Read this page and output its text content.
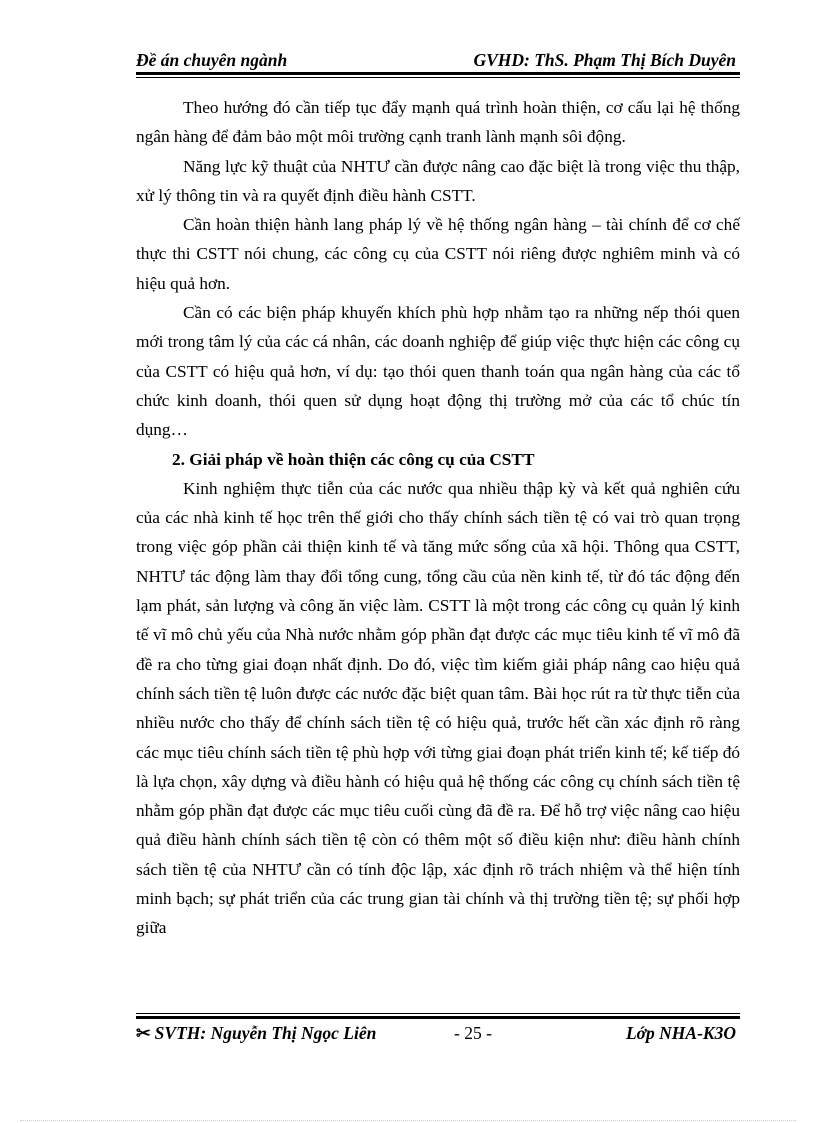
Đề án chuyên ngành	GVHD: ThS. Phạm Thị Bích Duyên

Theo hướng đó cần tiếp tục đẩy mạnh quá trình hoàn thiện, cơ cấu lại hệ thống ngân hàng để đảm bảo một môi trường cạnh tranh lành mạnh sôi động.

Năng lực kỹ thuật của NHTƯ cần được nâng cao đặc biệt là trong việc thu thập, xử lý thông tin và ra quyết định điều hành CSTT.

Cần hoàn thiện hành lang pháp lý về hệ thống ngân hàng – tài chính để cơ chế thực thi CSTT nói chung, các công cụ của CSTT nói riêng được nghiêm minh và có hiệu quả hơn.

Cần có các biện pháp khuyến khích phù hợp nhằm tạo ra những nếp thói quen mới trong tâm lý của các cá nhân, các doanh nghiệp để giúp việc thực hiện các công cụ của CSTT có hiệu quả hơn, ví dụ: tạo thói quen thanh toán qua ngân hàng của các tổ chức kinh doanh, thói quen sử dụng hoạt động thị trường mở của các tổ chúc tín dụng…

2. Giải pháp về hoàn thiện các công cụ của CSTT

Kinh nghiệm thực tiễn của các nước qua nhiều thập kỳ và kết quả nghiên cứu của các nhà kinh tế học trên thế giới cho thấy chính sách tiền tệ có vai trò quan trọng trong việc góp phần cải thiện kinh tế và tăng mức sống của xã hội. Thông qua CSTT, NHTƯ tác động làm thay đổi tổng cung, tổng cầu của nền kinh tế, từ đó tác động đến lạm phát, sản lượng và công ăn việc làm. CSTT là một trong các công cụ quản lý kinh tế vĩ mô chủ yếu của Nhà nước nhằm góp phần đạt được các mục tiêu kinh tế vĩ mô đã đề ra cho từng giai đoạn nhất định. Do đó, việc tìm kiếm giải pháp nâng cao hiệu quả chính sách tiền tệ luôn được các nước đặc biệt quan tâm. Bài học rút ra từ thực tiễn của nhiều nước cho thấy để chính sách tiền tệ có hiệu quả, trước hết cần xác định rõ ràng các mục tiêu chính sách tiền tệ phù hợp với từng giai đoạn phát triển kinh tế; kế tiếp đó là lựa chọn, xây dựng và điều hành có hiệu quả hệ thống các công cụ chính sách tiền tệ nhằm góp phần đạt được các mục tiêu cuối cùng đã đề ra. Để hỗ trợ việc nâng cao hiệu quả điều hành chính sách tiền tệ còn có thêm một số điều kiện như: điều hành chính sách tiền tệ của NHTƯ cần có tính độc lập, xác định rõ trách nhiệm và thể hiện tính minh bạch; sự phát triển của các trung gian tài chính và thị trường tiền tệ; sự phối hợp giữa

✂ SVTH: Nguyễn Thị Ngọc Liên	- 25 -	Lớp NHA-K3O
